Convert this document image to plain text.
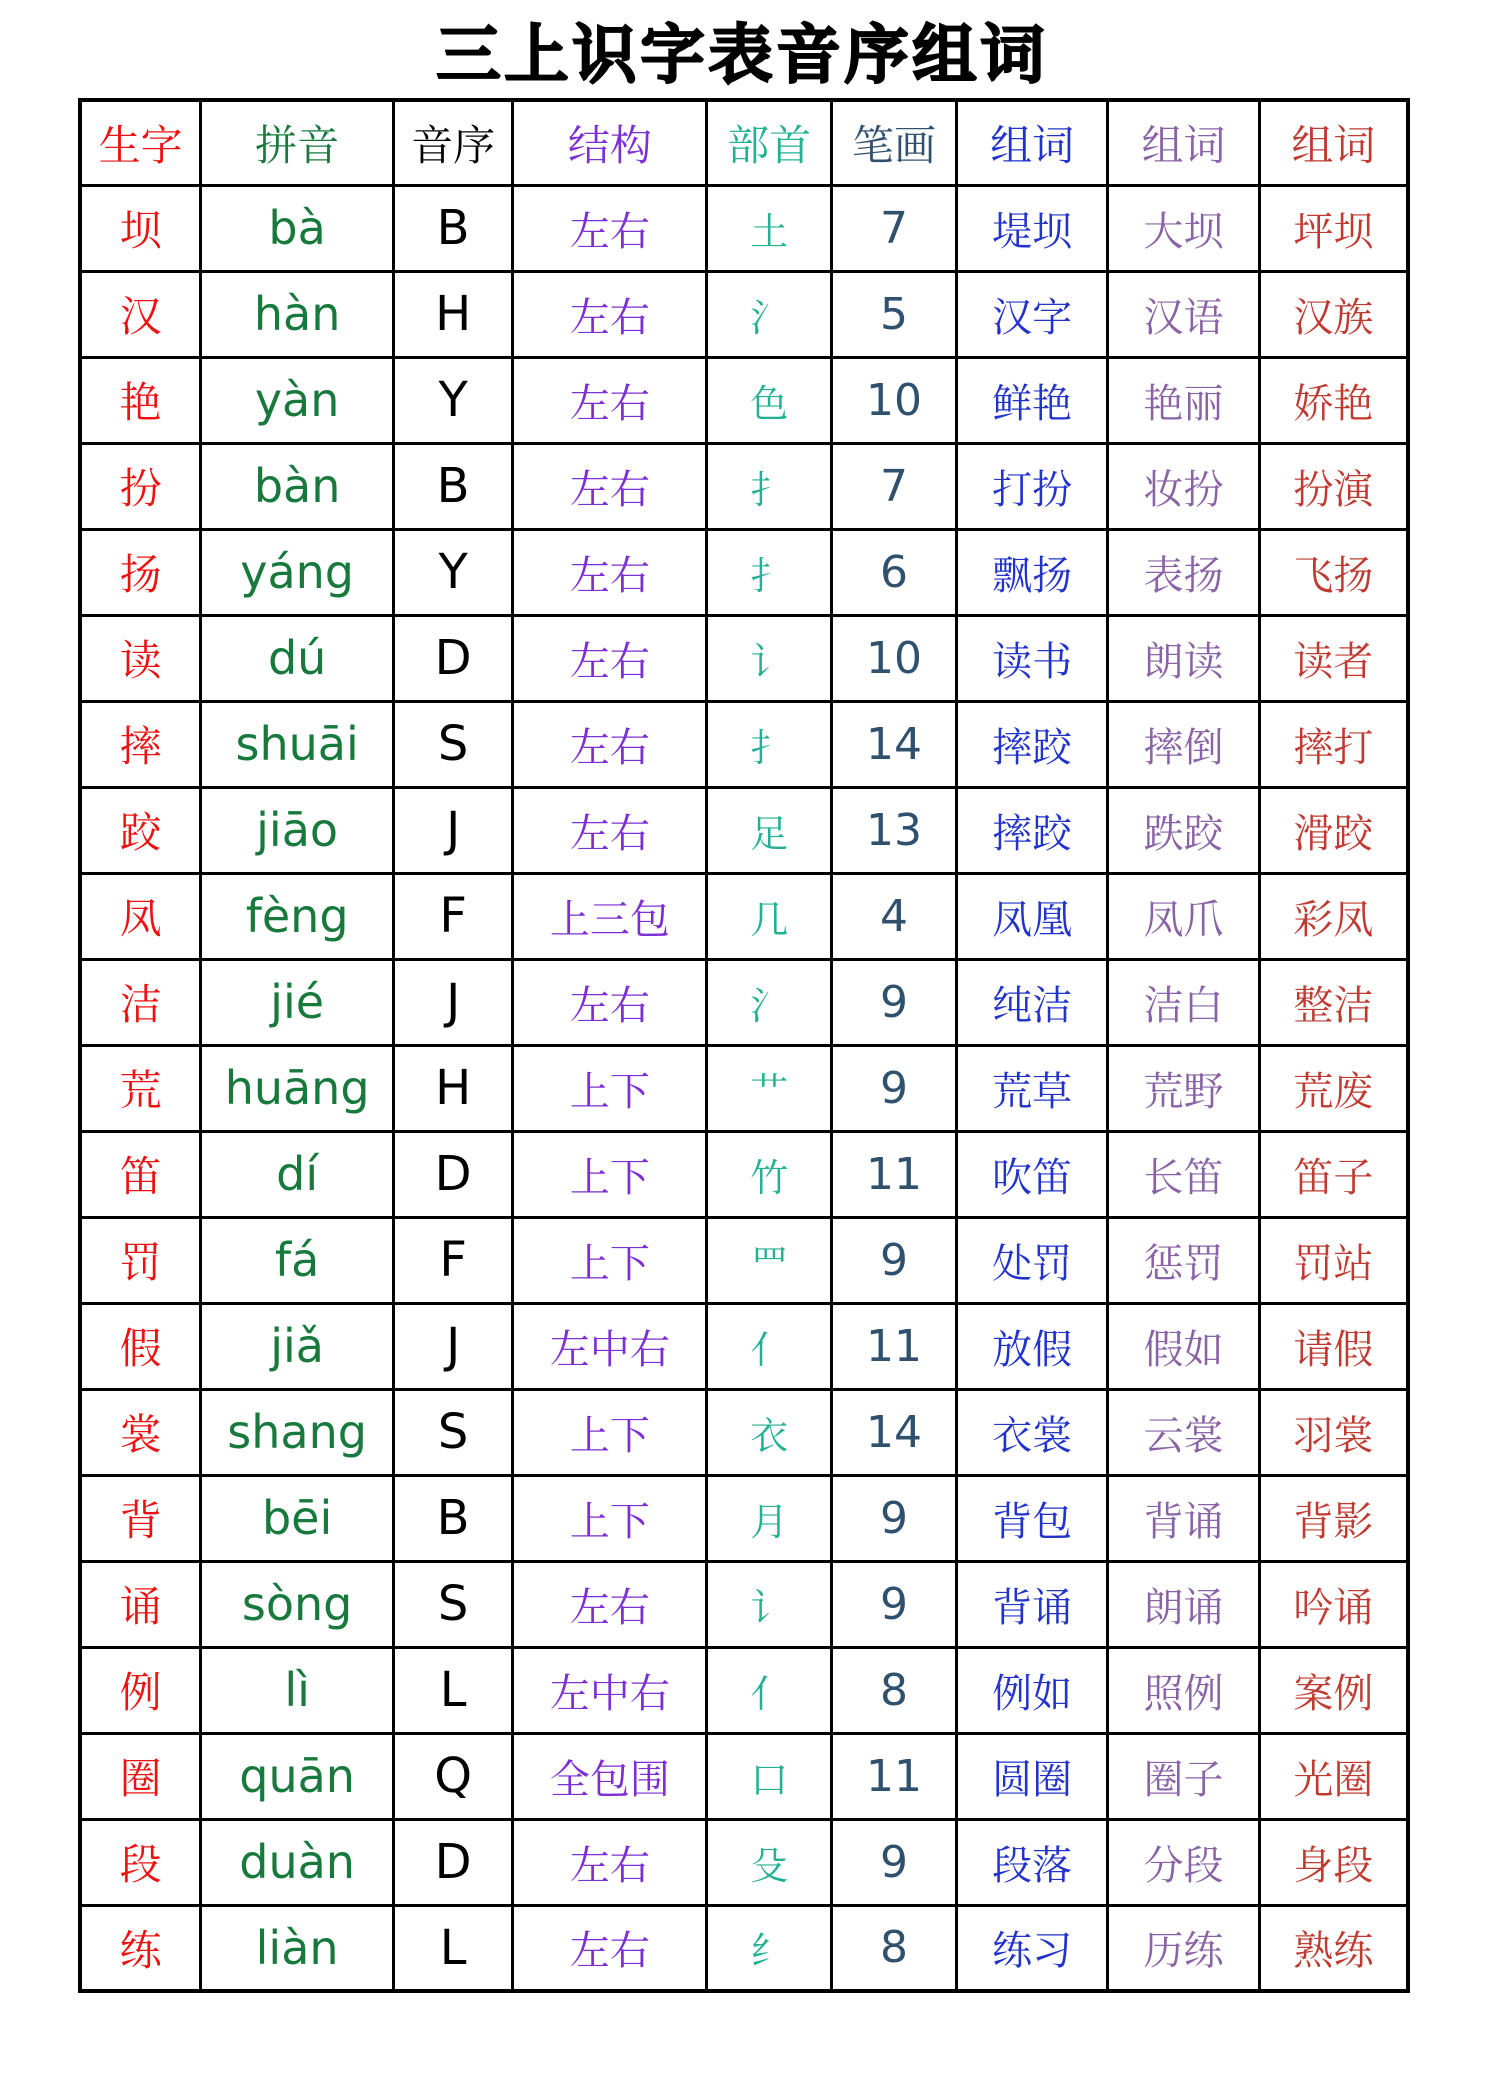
三上识字表音序组词
生字	拼音	音序	结构	部首	笔画	组词	组词	组词
坝	bà	B	左右	土	7	堤坝	大坝	坪坝
汉	hàn	H	左右	氵	5	汉字	汉语	汉族
艳	yàn	Y	左右	色	10	鲜艳	艳丽	娇艳
扮	bàn	B	左右	扌	7	打扮	妆扮	扮演
扬	yáng	Y	左右	扌	6	飘扬	表扬	飞扬
读	dú	D	左右	讠	10	读书	朗读	读者
摔	shuāi	S	左右	扌	14	摔跤	摔倒	摔打
跤	jiāo	J	左右	足	13	摔跤	跌跤	滑跤
凤	fèng	F	上三包	几	4	凤凰	凤爪	彩凤
洁	jié	J	左右	氵	9	纯洁	洁白	整洁
荒	huāng	H	上下	艹	9	荒草	荒野	荒废
笛	dí	D	上下	竹	11	吹笛	长笛	笛子
罚	fá	F	上下	罒	9	处罚	惩罚	罚站
假	jiǎ	J	左中右	亻	11	放假	假如	请假
裳	shang	S	上下	衣	14	衣裳	云裳	羽裳
背	bēi	B	上下	月	9	背包	背诵	背影
诵	sòng	S	左右	讠	9	背诵	朗诵	吟诵
例	lì	L	左中右	亻	8	例如	照例	案例
圈	quān	Q	全包围	口	11	圆圈	圈子	光圈
段	duàn	D	左右	殳	9	段落	分段	身段
练	liàn	L	左右	纟	8	练习	历练	熟练
